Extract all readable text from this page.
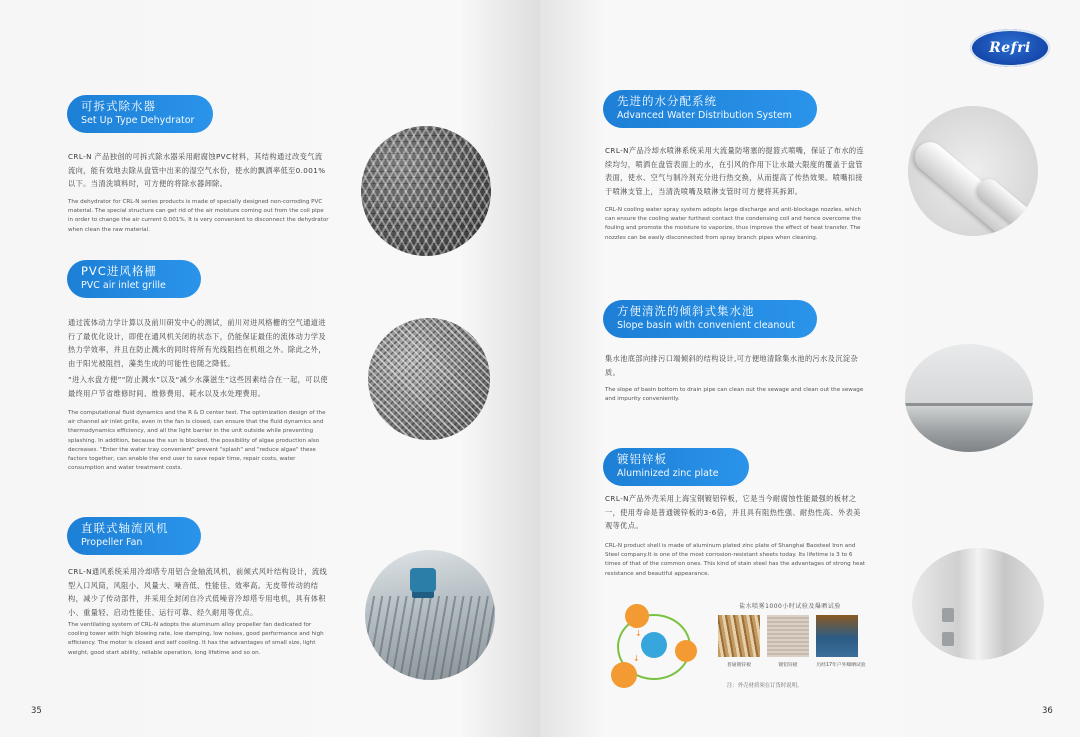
可拆式除水器
Set Up Type Dehydrator

CRL-N 产品独创的可拆式除水器采用耐腐蚀PVC材料，其结构通过改变气流流向，能有效地去除从盘管中出来的湿空气水份，使水的飘洒率低至0.001%以下。当清洗填料时，可方便的将除水器卸除。

The dehydrator for CRL-N series products is made of specially designed non-corroding PVC material. The special structure can get rid of the air moisture coming out from the coil pipe in order to change the air current 0.001%. It is very convenient to disconnect the dehydrator when clean the raw material.

PVC进风格栅
PVC air inlet grille

通过流体动力学计算以及前川研发中心的测试，前川对进风格栅的空气通道进行了最优化设计，即使在通风机关闭的状态下，仍能保证最佳的流体动力学及热力学效率，并且在防止溅水的同时将所有光线阻挡在机组之外。除此之外，由于阳光被阻挡，藻类生成的可能性也随之降低。

“进入水盘方便”“防止溅水”以及“减少水藻滋生”这些因素结合在一起，可以使最终用户节省维修时间、维修费用、耗水以及水处理费用。

The computational fluid dynamics and the R & D center test. The optimization design of the air channel air inlet grille, even in the fan is closed, can ensure that the fluid dynamics and thermodynamics efficiency, and all the light barrier in the unit outside while preventing splashing. In addition, because the sun is blocked, the possibility of algae production also decreases. "Enter the water tray convenient" prevent "splash" and "reduce algae" these factors together, can enable the end user to save repair time, repair costs, water consumption and water treatment costs.

直联式轴流风机
Propeller Fan

CRL-N通风系统采用冷却塔专用铝合金轴流风机，前倾式风叶结构设计，流线型入口风筒，风阻小、风量大、噪音低、性能佳、效率高。无皮带传动的结构，减少了传动部件，并采用全封闭自冷式低噪音冷却塔专用电机，具有体积小、重量轻、启动性能佳、运行可靠、经久耐用等优点。

The ventilating system of CRL-N adopts the aluminum alloy propeller fan dedicated for cooling tower with high blowing rate, low damping, low noises, good performance and high efficiency. The motor is closed and self cooling. It has the advantages of small size, light weight, good start ability, reliable operation, long lifetime and so on.

35
先进的水分配系统
Advanced Water Distribution System

CRL-N产品冷却水喷淋系统采用大流量防堵塞的提篮式喷嘴，保证了布水的连续均匀，喷洒在盘管表面上的水，在引风的作用下让水最大限度的覆盖于盘管表面，使水、空气与制冷剂充分进行热交换，从而提高了传热效果。喷嘴扣接于喷淋支管上，当清洗喷嘴及喷淋支管时可方便将其拆卸。

CRL-N cooling water spray system adopts large discharge and anti-blockage nozzles, which can ensure the cooling water furthest contact the condensing coil and hence overcome the fouling and promote the moisture to vaporize, thus improve the effect of heat transfer. The nozzles can be easily disconnected from spray branch pipes when cleaning.

方便清洗的倾斜式集水池
Slope basin with convenient cleanout

集水池底部向排污口端倾斜的结构设计,可方便地清除集水池的污水及沉淀杂质。

The slope of basin bottom to drain pipe can clean out the sewage and clean out the sewage and impurity conveniently.

镀铝锌板
Aluminized zinc plate

CRL-N产品外壳采用上海宝钢镀铝锌板，它是当今耐腐蚀性能最强的板材之一，使用寿命是普通镀锌板的3-6倍，并且具有阻热性强、耐热性高、外表美观等优点。

CRL-N product shell is made of aluminum plated zinc plate of Shanghai Baosteel Iron and Steel company.It is one of the most corrosion-resistant sheets today. Its lifetime is 3 to 6 times of that of the common ones. This kind of stain steel has the advantages of strong heat resistance and beautiful appearance.

36
↓
↓
盐水喷雾1000小时试验及爆晒试验
普通镀锌板	镀铝锌板	历经17年户外曝晒试验
注：外壳材质须在订货时说明。
Refri
